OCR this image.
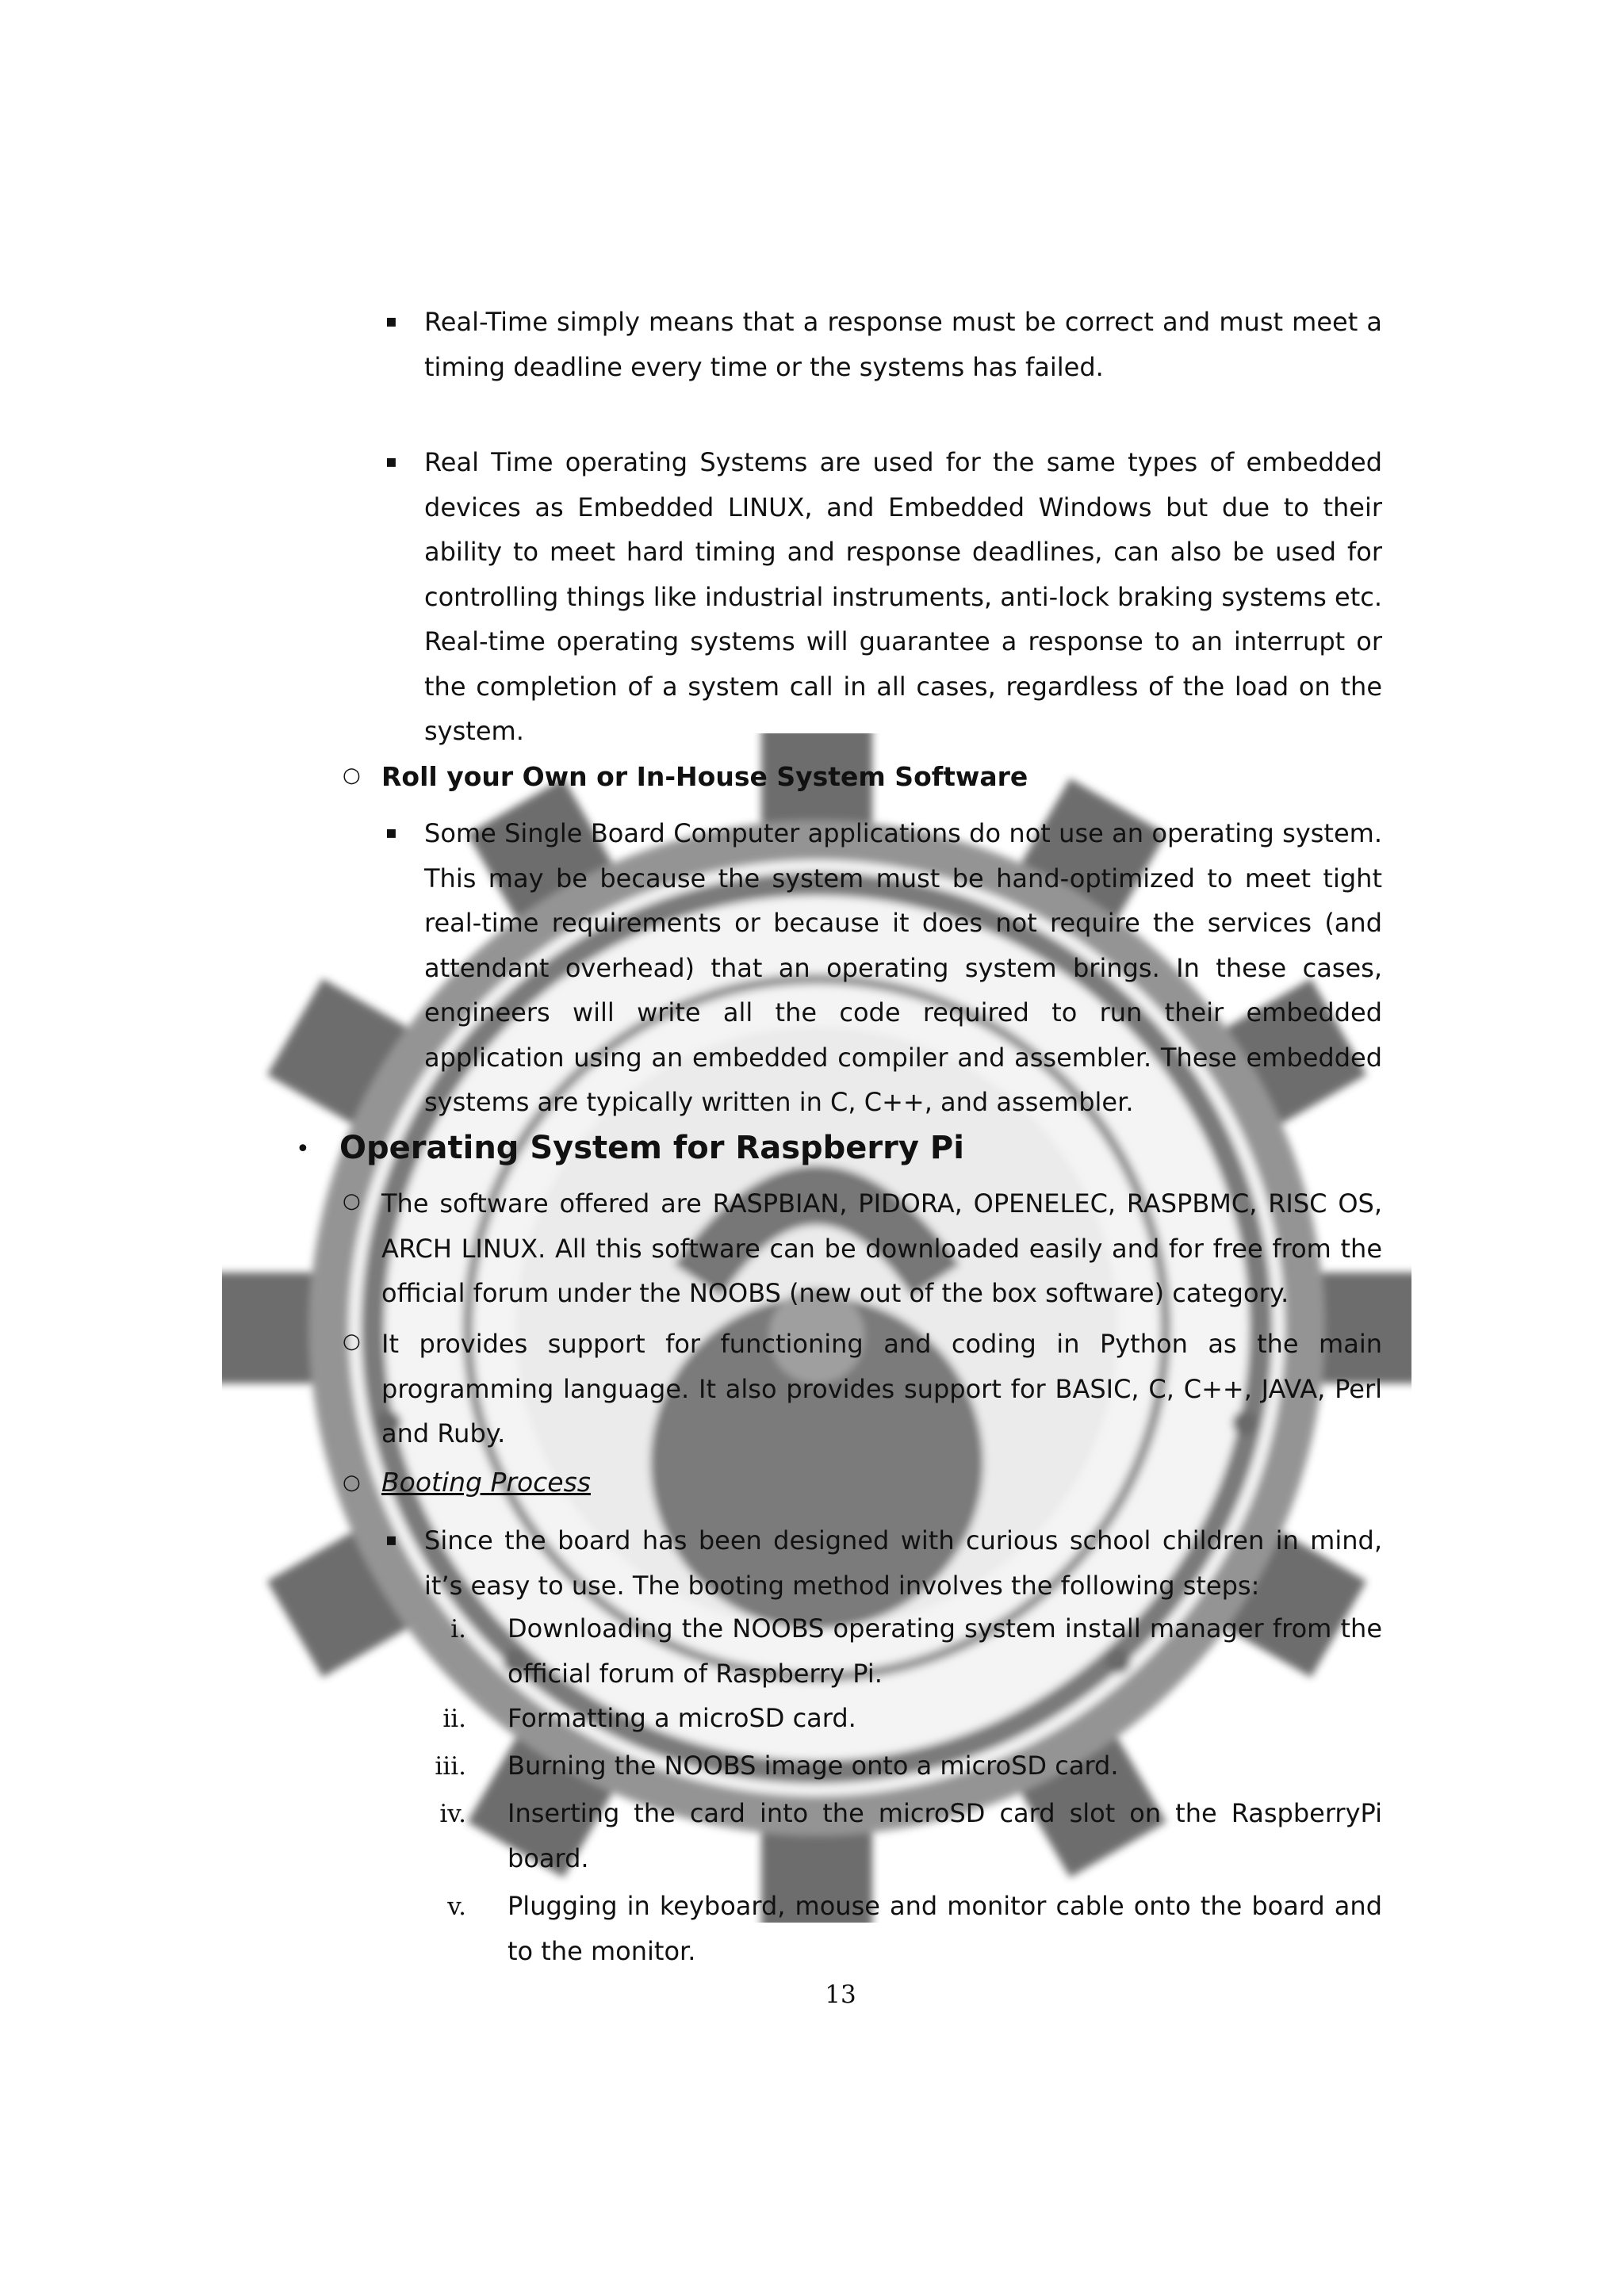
▪ Real-Time simply means that a response must be correct and must meet a timing deadline every time or the systems has failed.

▪ Real Time operating Systems are used for the same types of embedded devices as Embedded LINUX, and Embedded Windows but due to their ability to meet hard timing and response deadlines, can also be used for controlling things like industrial instruments, anti-lock braking systems etc. Real-time operating systems will guarantee a response to an interrupt or the completion of a system call in all cases, regardless of the load on the system.

○ Roll your Own or In-House System Software
▪ Some Single Board Computer applications do not use an operating system. This may be because the system must be hand-optimized to meet tight real-time requirements or because it does not require the services (and attendant overhead) that an operating system brings. In these cases, engineers will write all the code required to run their embedded application using an embedded compiler and assembler. These embedded systems are typically written in C, C++, and assembler.

• Operating System for Raspberry Pi
○ The software offered are RASPBIAN, PIDORA, OPENELEC, RASPBMC, RISC OS, ARCH LINUX. All this software can be downloaded easily and for free from the official forum under the NOOBS (new out of the box software) category.

○ It provides support for functioning and coding in Python as the main programming language. It also provides support for BASIC, C, C++, JAVA, Perl and Ruby.

○ Booting Process
▪ Since the board has been designed with curious school children in mind, it’s easy to use. The booting method involves the following steps:

i. Downloading the NOOBS operating system install manager from the official forum of Raspberry Pi.

ii. Formatting a microSD card.

iii. Burning the NOOBS image onto a microSD card.

iv. Inserting the card into the microSD card slot on the RaspberryPi board.

v. Plugging in keyboard, mouse and monitor cable onto the board and to the monitor.

13
